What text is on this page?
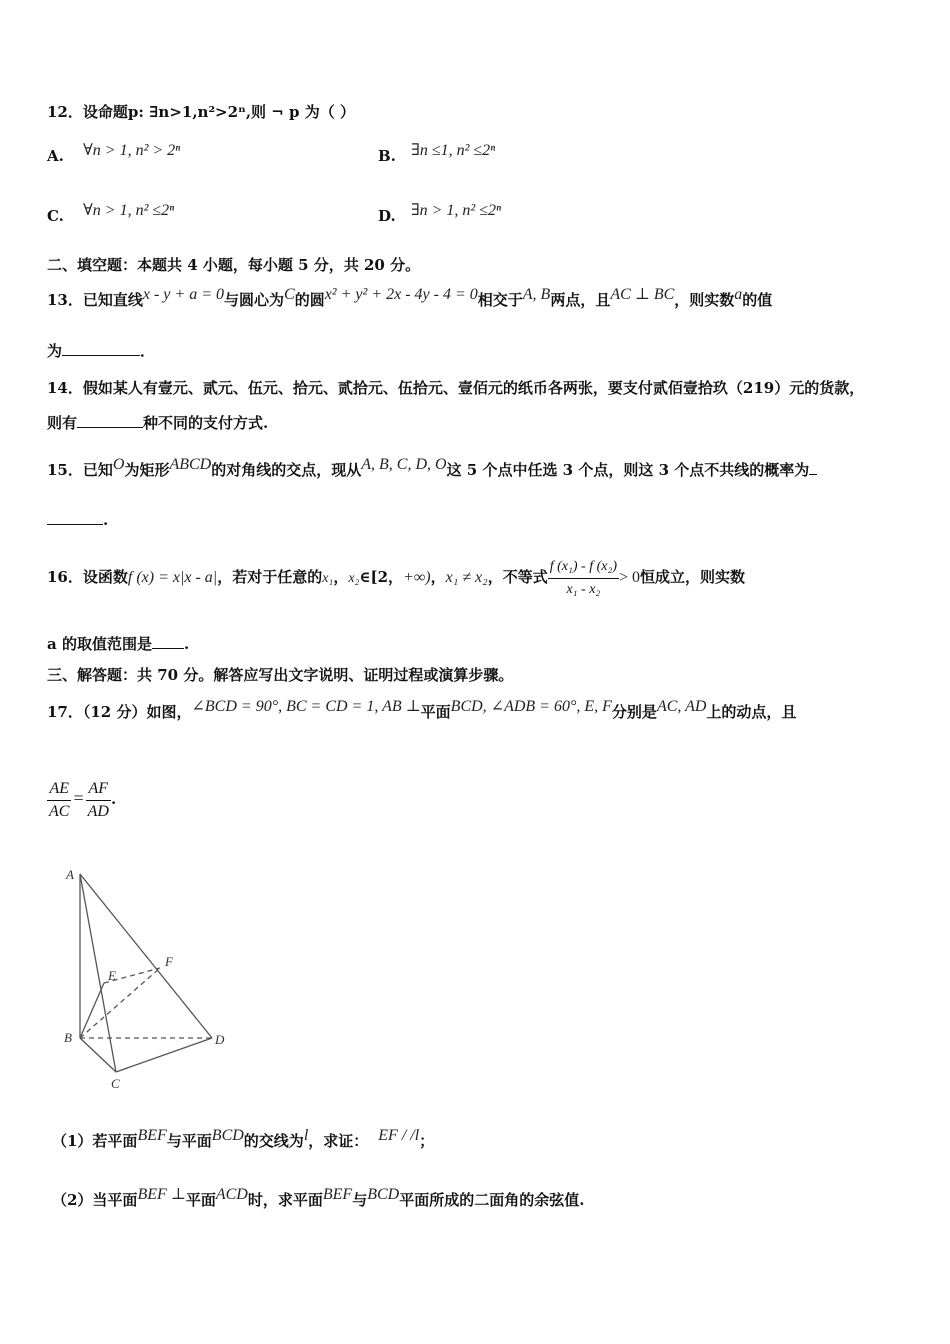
12．设命题p: ∃n>1,n²>2ⁿ,则 ¬ p 为（ ）
A. ∀n > 1, n² > 2ⁿ	B. ∃n ≤1, n² ≤2ⁿ
C. ∀n > 1, n² ≤2ⁿ	D. ∃n > 1, n² ≤2ⁿ
二、填空题：本题共 4 小题，每小题 5 分，共 20 分。
13．已知直线x - y + a = 0与圆心为C的圆x² + y² + 2x - 4y - 4 = 0相交于A, B两点，且AC ⊥ BC，则实数a的值
为	．
14．假如某人有壹元、贰元、伍元、拾元、贰拾元、伍拾元、壹佰元的纸币各两张，要支付贰佰壹拾玖（219）元的货款，
则有	种不同的支付方式.
15．已知O为矩形ABCD的对角线的交点，现从A, B, C, D, O这 5 个点中任选 3 个点，则这 3 个点不共线的概率为
.
16．设函数f (x) = x|x - a|，若对于任意的x₁，x₂∈[2，+∞)，x₁ ≠ x₂，不等式 $\frac{\text{f (x₁) - f (x₂)}}{\text{x₁ - x₂}} > 0$恒成立，则实数
a 的取值范围是 .
三、解答题：共 70 分。解答应写出文字说明、证明过程或演算步骤。
17．（12 分）如图，∠BCD = 90°, BC = CD = 1, AB ⊥平面BCD, ∠ADB = 60°, E, F分别是AC, AD上的动点，且
$\frac{AE}{AC} = \frac{AF}{AD}$ .
A
B
C
D
E
F
（1）若平面BEF与平面BCD的交线为l，求证： EF / /l；
（2）当平面BEF ⊥平面ACD时，求平面BEF与BCD平面所成的二面角的余弦值.
